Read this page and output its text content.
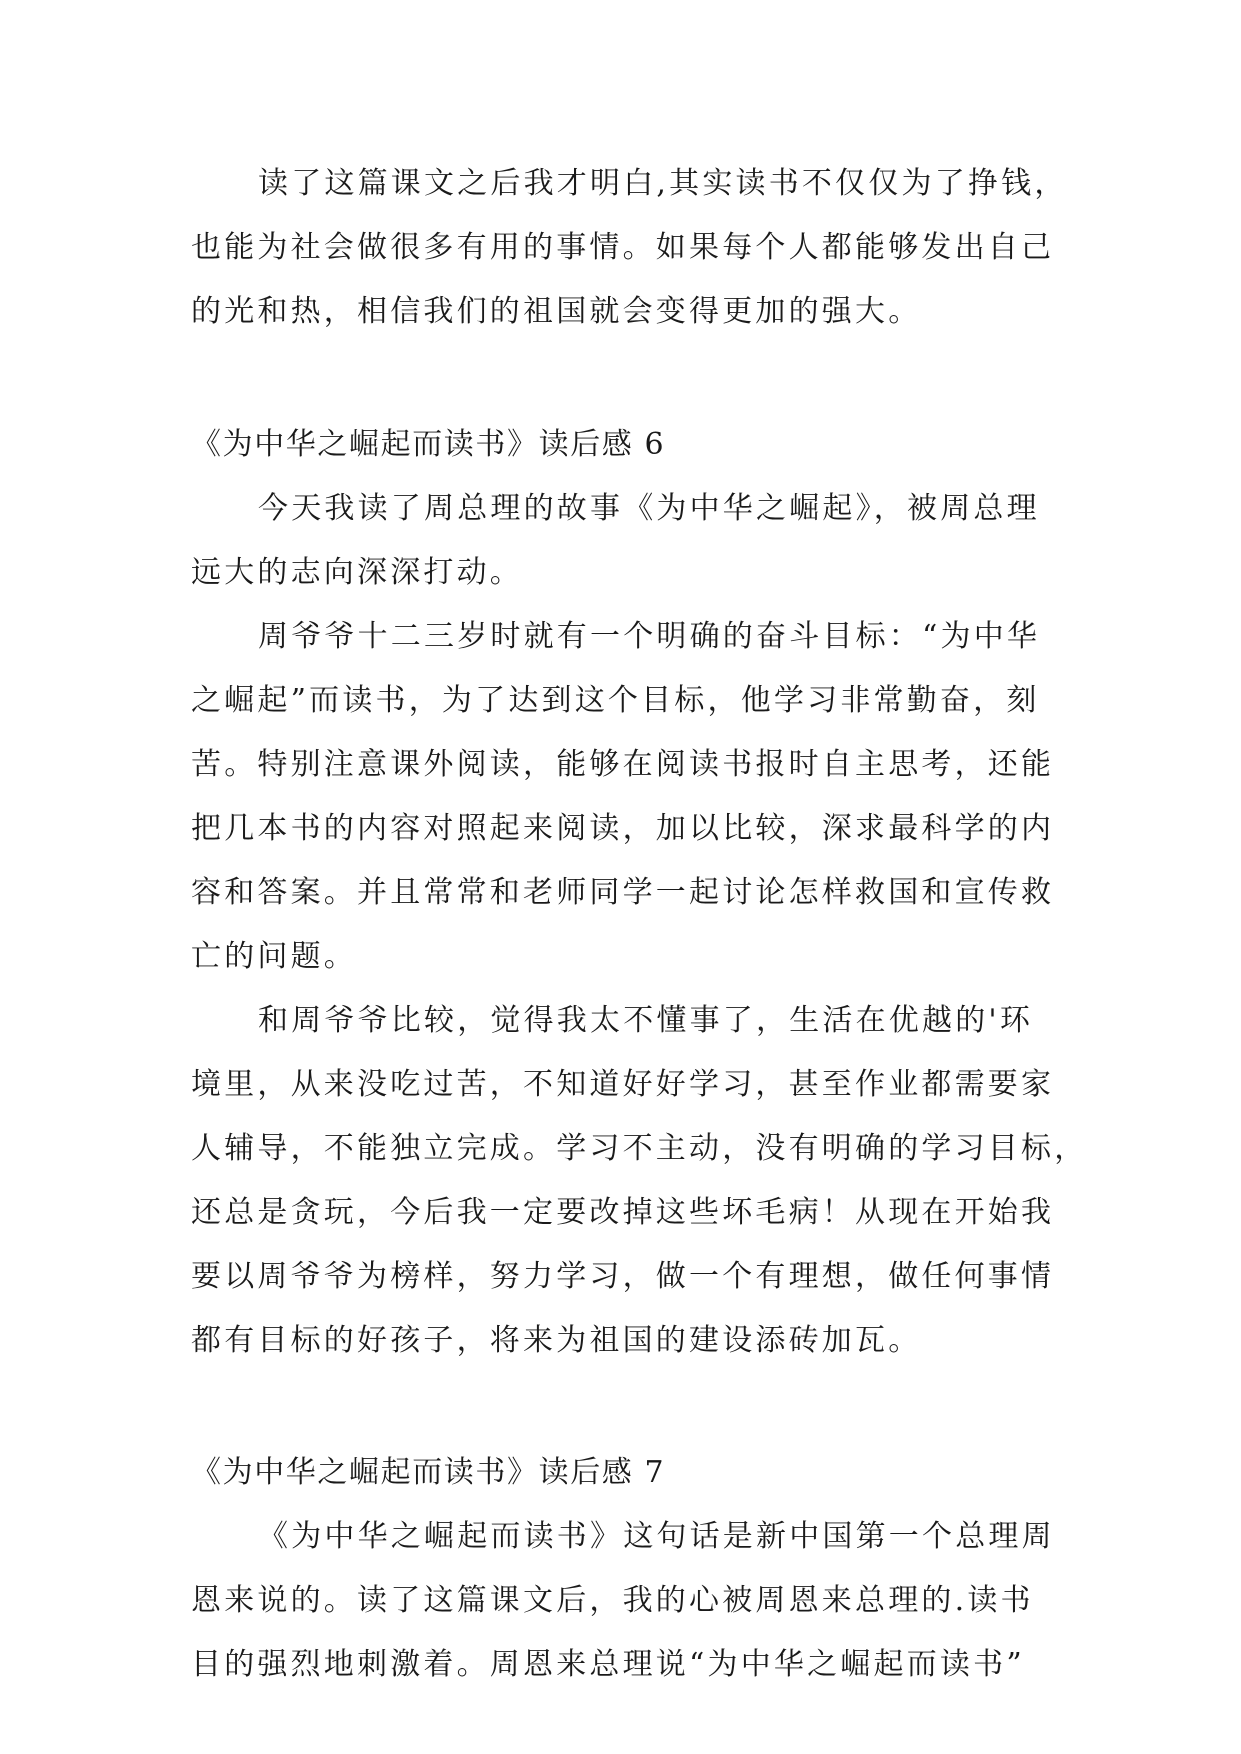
读了这篇课文之后我才明白,其实读书不仅仅为了挣钱，

也能为社会做很多有用的事情。如果每个人都能够发出自己

的光和热，相信我们的祖国就会变得更加的强大。

《为中华之崛起而读书》读后感 6

今天我读了周总理的故事《为中华之崛起》，被周总理

远大的志向深深打动。

周爷爷十二三岁时就有一个明确的奋斗目标：“为中华

之崛起”而读书，为了达到这个目标，他学习非常勤奋，刻

苦。特别注意课外阅读，能够在阅读书报时自主思考，还能

把几本书的内容对照起来阅读，加以比较，深求最科学的内

容和答案。并且常常和老师同学一起讨论怎样救国和宣传救

亡的问题。

和周爷爷比较，觉得我太不懂事了，生活在优越的'环

境里，从来没吃过苦，不知道好好学习，甚至作业都需要家

人辅导，不能独立完成。学习不主动，没有明确的学习目标，

还总是贪玩，今后我一定要改掉这些坏毛病！从现在开始我

要以周爷爷为榜样，努力学习，做一个有理想，做任何事情

都有目标的好孩子，将来为祖国的建设添砖加瓦。

《为中华之崛起而读书》读后感 7

《为中华之崛起而读书》这句话是新中国第一个总理周

恩来说的。读了这篇课文后，我的心被周恩来总理的.读书

目的强烈地刺激着。周恩来总理说“为中华之崛起而读书”
